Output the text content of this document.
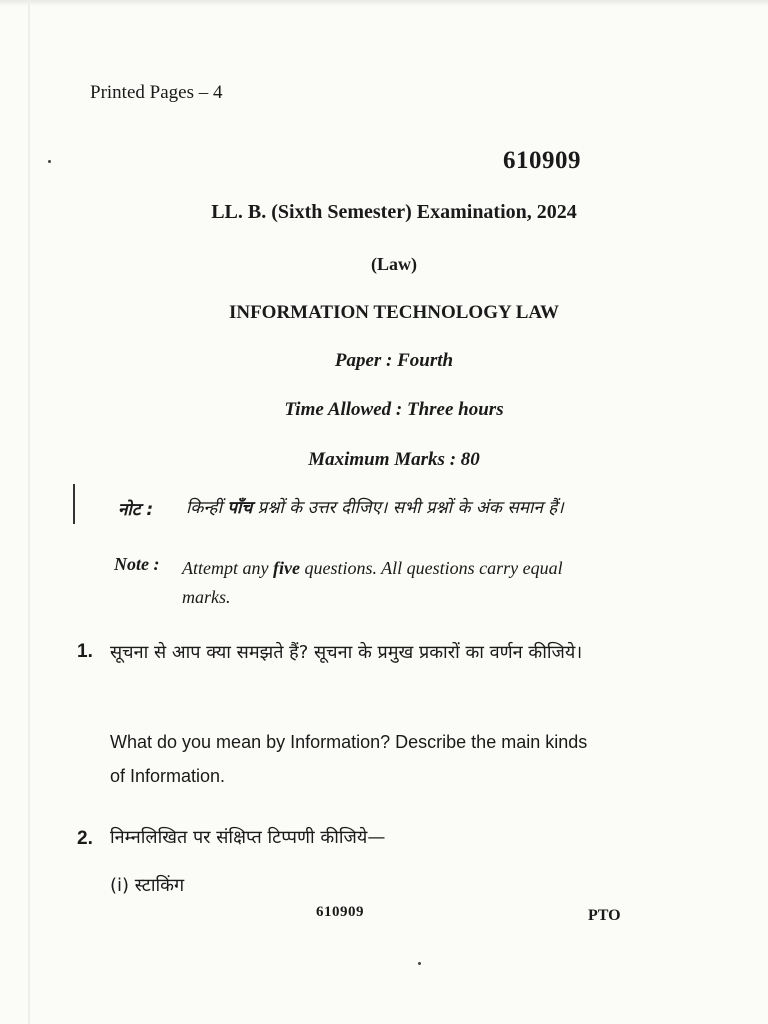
Printed Pages – 4
610909
LL. B. (Sixth Semester) Examination, 2024
(Law)
INFORMATION TECHNOLOGY LAW
Paper : Fourth
Time Allowed : Three hours
Maximum Marks : 80
नोट : किन्हीं पाँच प्रश्नों के उत्तर दीजिए। सभी प्रश्नों के अंक समान हैं।
Note : Attempt any five questions. All questions carry equal marks.
1. सूचना से आप क्या समझते हैं? सूचना के प्रमुख प्रकारों का वर्णन कीजिये।
What do you mean by Information? Describe the main kinds of Information.
2. निम्नलिखित पर संक्षिप्त टिप्पणी कीजिये—
(i) स्टाकिंग
610909	PTO
